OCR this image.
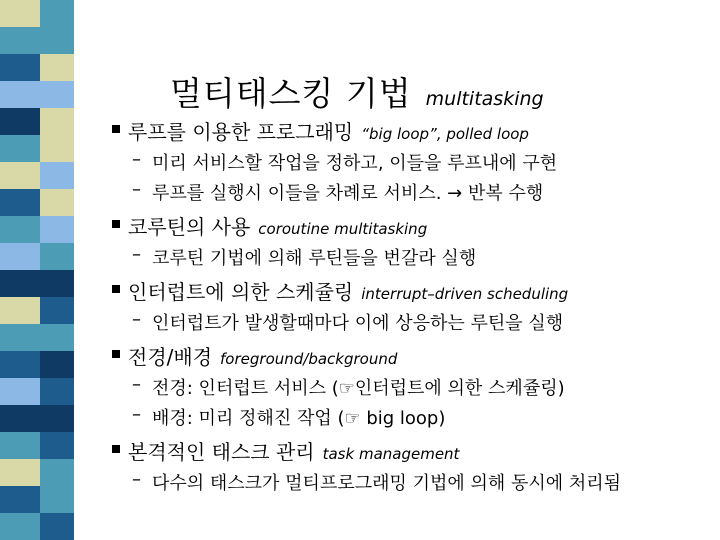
멀티태스킹 기법 multitasking
루프를 이용한 프로그래밍 “big loop”, polled loop
– 미리 서비스할 작업을 정하고, 이들을 루프내에 구현
– 루프를 실행시 이들을 차례로 서비스. → 반복 수행
코루틴의 사용 coroutine multitasking
– 코루틴 기법에 의해 루틴들을 번갈라 실행
인터럽트에 의한 스케쥴링 interrupt–driven scheduling
– 인터럽트가 발생할때마다 이에 상응하는 루틴을 실행
전경/배경 foreground/background
– 전경: 인터럽트 서비스 (☞인터럽트에 의한 스케쥴링)
– 배경: 미리 정해진 작업 (☞ big loop)
본격적인 태스크 관리 task management
– 다수의 태스크가 멀티프로그래밍 기법에 의해 동시에 처리됨
